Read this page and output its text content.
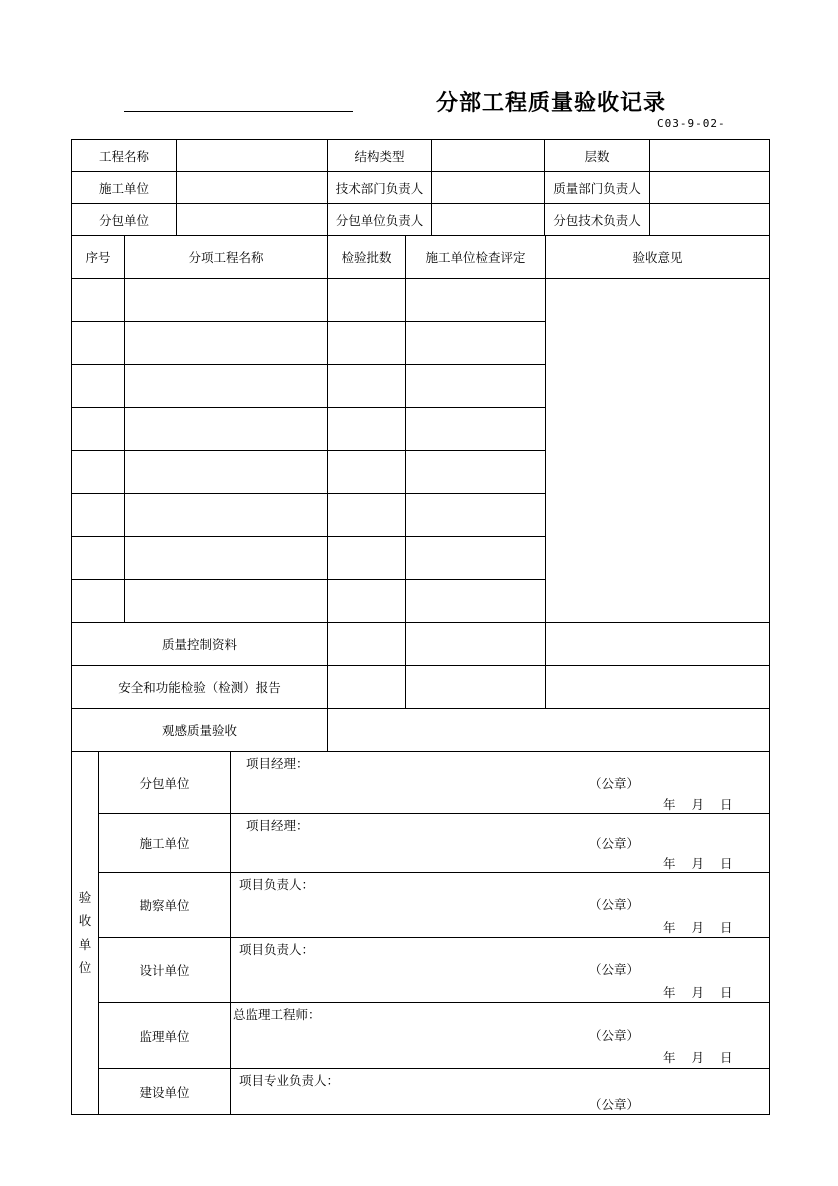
分部工程质量验收记录
C03-9-02-
工程名称		结构类型		层数	
施工单位		技术部门负责人		质量部门负责人	
分包单位		分包单位负责人		分包技术负责人	
序号	分项工程名称	检验批数	施工单位检查评定	验收意见

质量控制资料				
安全和功能检验（检测）报告				
观感质量验收				
验
收
单
位	分包单位	项目经理：
（公章）
年 月 日

	施工单位	项目经理：
（公章）
年 月 日

	勘察单位	项目负责人：
（公章）
年 月 日

	设计单位	项目负责人：
（公章）
年 月 日

	监理单位	总监理工程师：
（公章）
年 月 日

	建设单位	项目专业负责人：
（公章）
